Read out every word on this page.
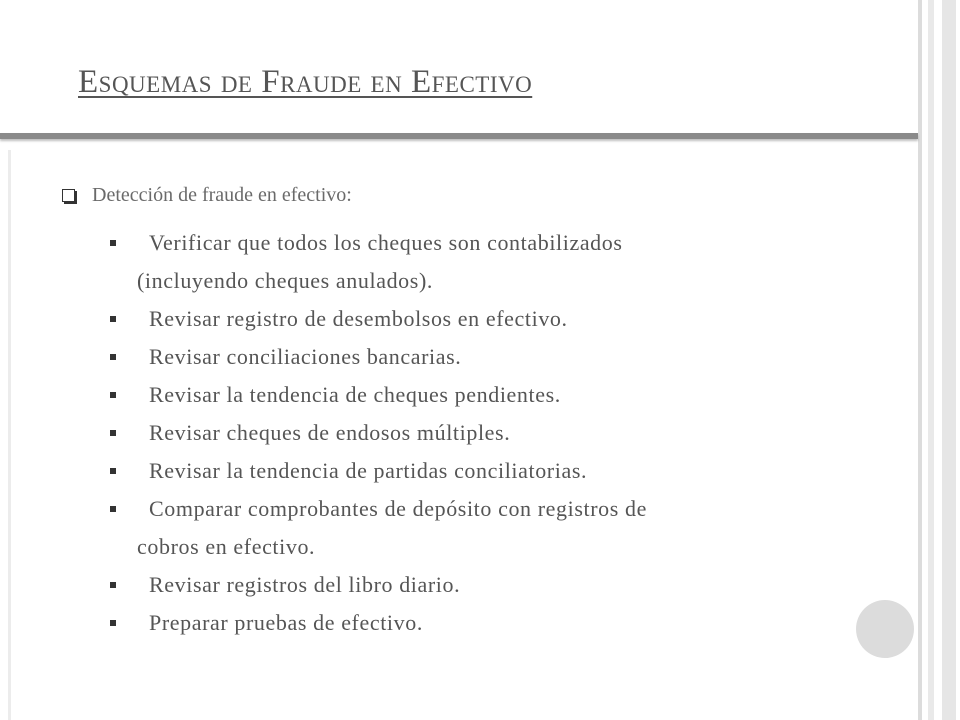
Esquemas de Fraude en Efectivo
Detección de fraude en efectivo:
Verificar que todos los cheques son contabilizados
(incluyendo cheques anulados).
Revisar registro de desembolsos en efectivo.
Revisar conciliaciones bancarias.
Revisar la tendencia de cheques pendientes.
Revisar cheques de endosos múltiples.
Revisar la tendencia de partidas conciliatorias.
Comparar comprobantes de depósito con registros de
cobros en efectivo.
Revisar registros del libro diario.
Preparar pruebas de efectivo.
